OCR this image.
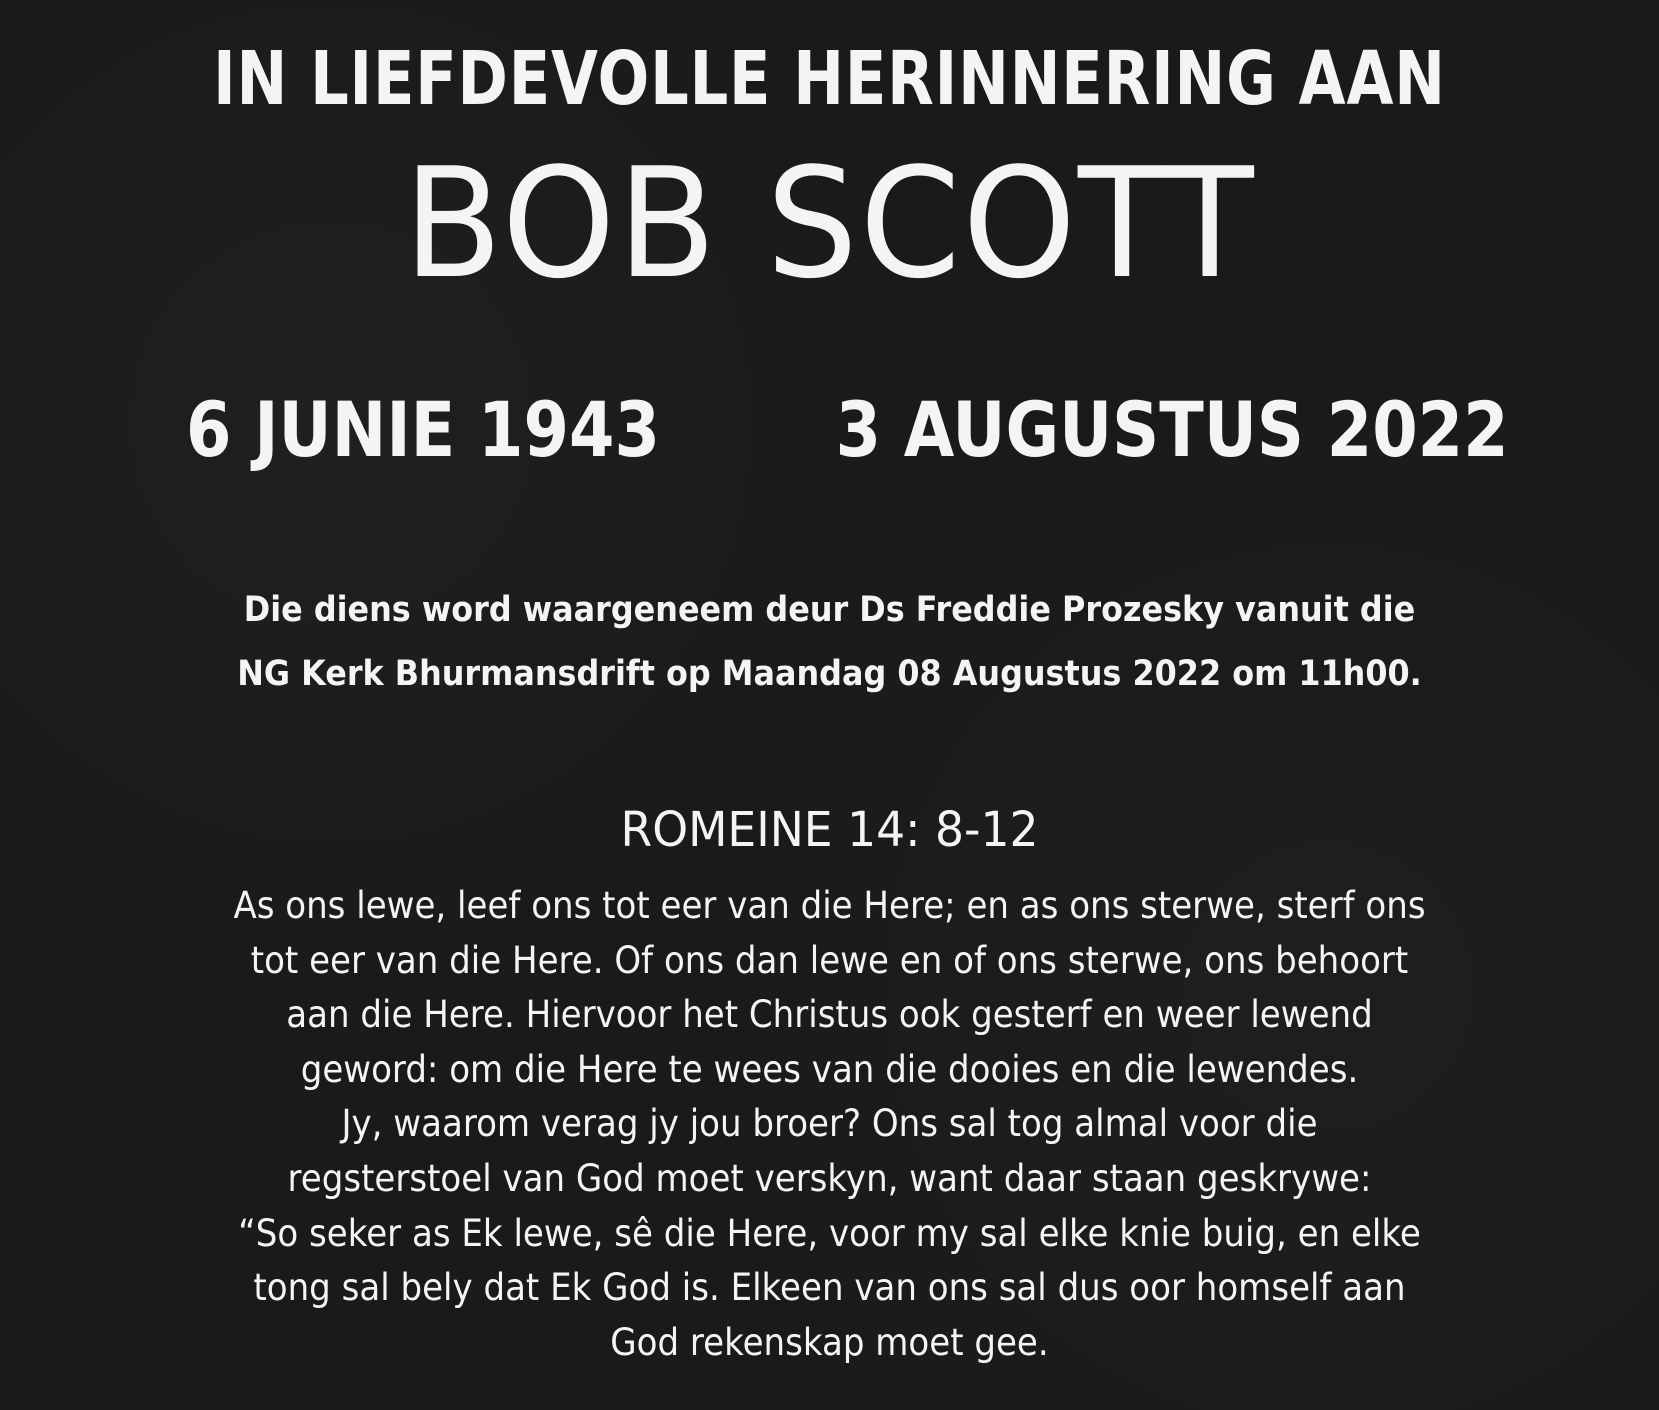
IN LIEFDEVOLLE HERINNERING AAN
BOB SCOTT
6 JUNIE 1943 3 AUGUSTUS 2022
Die diens word waargeneem deur Ds Freddie Prozesky vanuit die
NG Kerk Bhurmansdrift op Maandag 08 Augustus 2022 om 11h00.
ROMEINE 14: 8-12
As ons lewe, leef ons tot eer van die Here; en as ons sterwe, sterf ons
tot eer van die Here. Of ons dan lewe en of ons sterwe, ons behoort
aan die Here. Hiervoor het Christus ook gesterf en weer lewend
geword: om die Here te wees van die dooies en die lewendes.
Jy, waarom verag jy jou broer? Ons sal tog almal voor die
regsterstoel van God moet verskyn, want daar staan geskrywe:
“So seker as Ek lewe, sê die Here, voor my sal elke knie buig, en elke
tong sal bely dat Ek God is. Elkeen van ons sal dus oor homself aan
God rekenskap moet gee.
